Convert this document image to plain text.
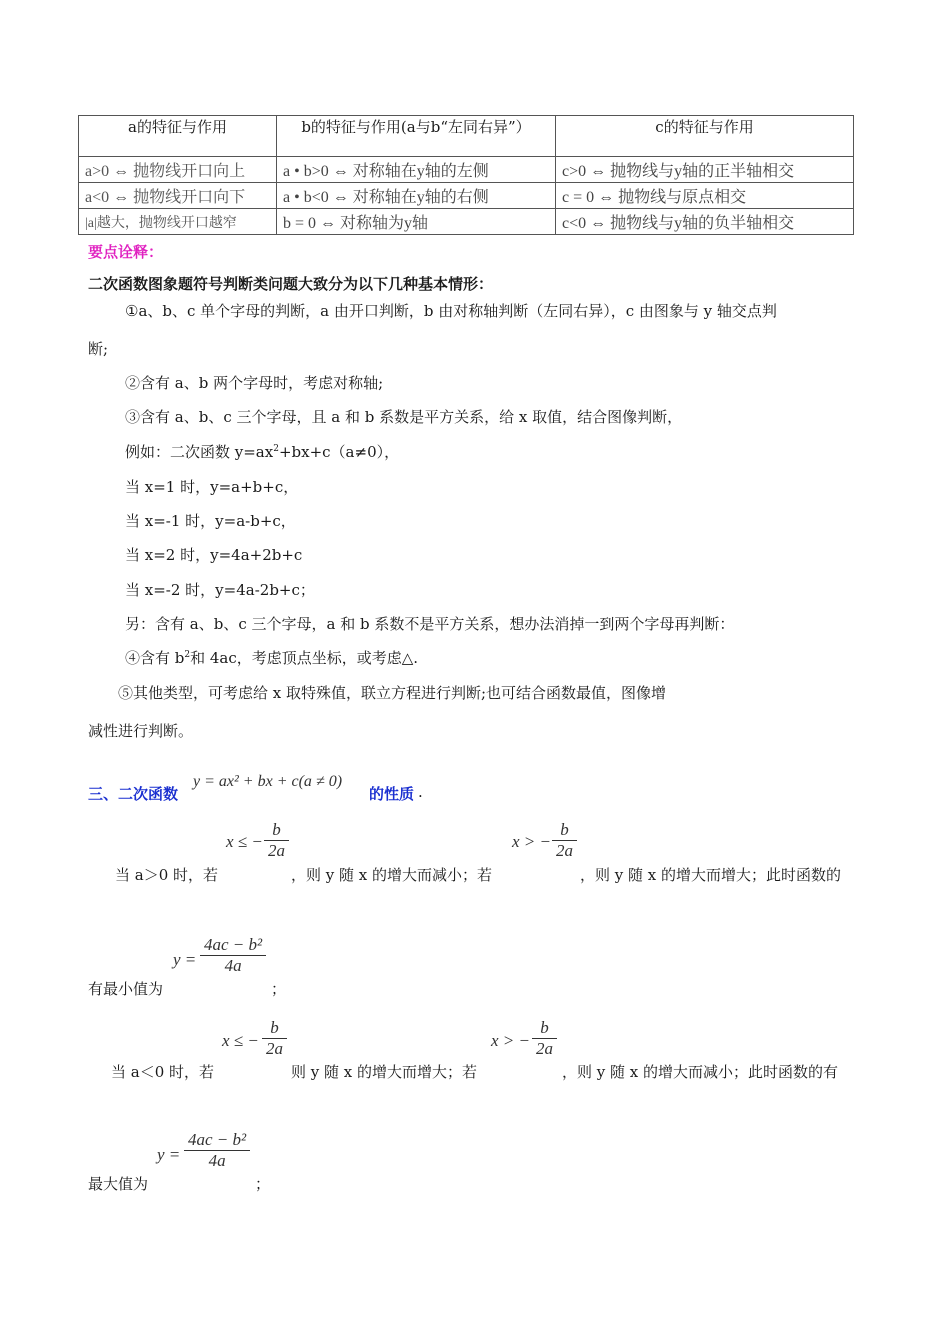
a的特征与作用	b的特征与作用(a与b“左同右异”）	c的特征与作用
a>0 ⇔ 抛物线开口向上	a • b>0 ⇔ 对称轴在y轴的左侧	c>0 ⇔ 抛物线与y轴的正半轴相交
a<0 ⇔ 抛物线开口向下	a • b<0 ⇔ 对称轴在y轴的右侧	c = 0 ⇔ 抛物线与原点相交
|a|越大，抛物线开口越窄	b = 0 ⇔ 对称轴为y轴	c<0 ⇔ 抛物线与y轴的负半轴相交
要点诠释：
二次函数图象题符号判断类问题大致分为以下几种基本情形：
①a、b、c 单个字母的判断，a 由开口判断，b 由对称轴判断（左同右异），c 由图象与 y 轴交点判
断;
②含有 a、b 两个字母时，考虑对称轴;
③含有 a、b、c 三个字母，且 a 和 b 系数是平方关系，给 x 取值，结合图像判断，
例如：二次函数 $y=ax^2+bx+c(a\ne 0)$，
当 x=1 时，y=a+b+c，
当 x=-1 时，y=a-b+c，
当 x=2 时，y=4a+2b+c
当 x=-2 时，y=4a-2b+c；
另：含有 a、b、c 三个字母，a 和 b 系数不是平方关系，想办法消掉一到两个字母再判断：
④含有 $b^2$和 4ac，考虑顶点坐标，或考虑△.
⑤其他类型，可考虑给 x 取特殊值，联立方程进行判断;也可结合函数最值，图像增
减性进行判断。
三、二次函数
y = ax² + bx + c(a ≠ 0)
的性质 .
x ≤ − $\frac{b}{2a}$	x > − $\frac{b}{2a}$
当 a＞0 时，若	，则 y 随 x 的增大而减小；若	，则 y 随 x 的增大而增大；此时函数的
$y = \frac{\text{4ac − b²}}{4a}$
有最小值为	；
x ≤ − $\frac{b}{2a}$	x > − $\frac{b}{2a}$
当 a＜0 时，若	则 y 随 x 的增大而增大；若	，则 y 随 x 的增大而减小；此时函数的有
$y = \frac{\text{4ac − b²}}{4a}$
最大值为	；
